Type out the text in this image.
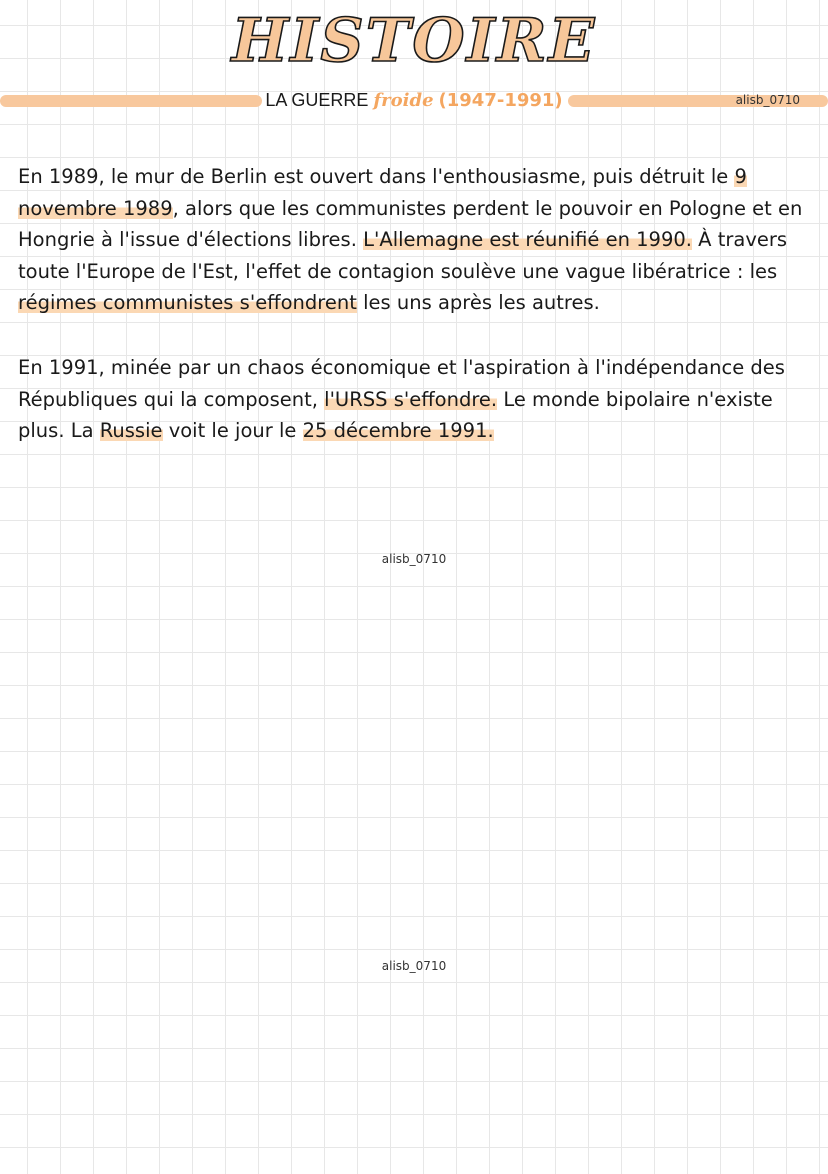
HISTOIRE
LA GUERRE froide (1947-1991)	alisb_0710

En 1989, le mur de Berlin est ouvert dans l'enthousiasme, puis détruit le 9 novembre 1989, alors que les communistes perdent le pouvoir en Pologne et en Hongrie à l'issue d'élections libres. L'Allemagne est réunifié en 1990. À travers toute l'Europe de l'Est, l'effet de contagion soulève une vague libératrice : les régimes communistes s'effondrent les uns après les autres.

En 1991, minée par un chaos économique et l'aspiration à l'indépendance des Républiques qui la composent, l'URSS s'effondre. Le monde bipolaire n'existe plus. La Russie voit le jour le 25 décembre 1991.

alisb_0710
alisb_0710
